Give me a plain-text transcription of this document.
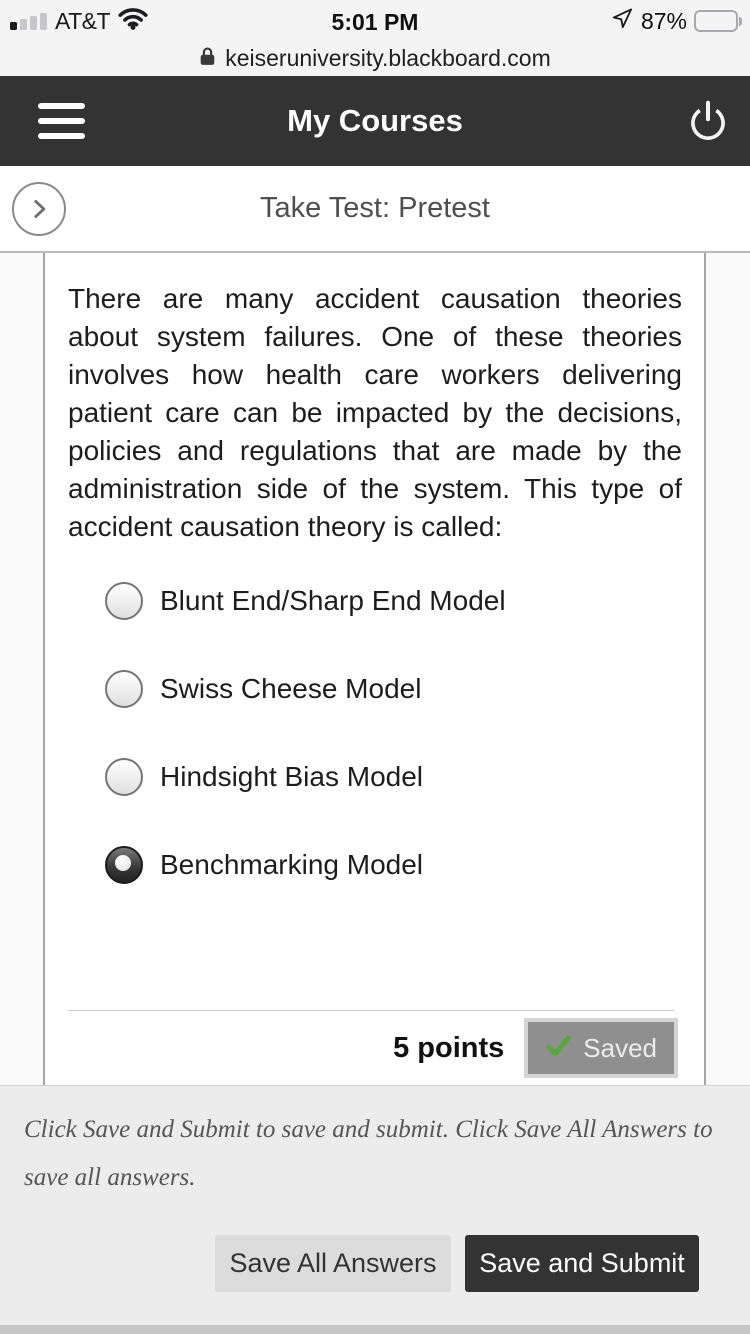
AT&T	5:01 PM	87%
keiseruniversity.blackboard.com
My Courses
Take Test: Pretest

There are many accident causation theories about system failures. One of these theories involves how health care workers delivering patient care can be impacted by the decisions, policies and regulations that are made by the administration side of the system. This type of accident causation theory is called:

Blunt End/Sharp End Model
Swiss Cheese Model
Hindsight Bias Model
Benchmarking Model
5 points	Saved

Click Save and Submit to save and submit. Click Save All Answers to save all answers.

Save All Answers	Save and Submit
